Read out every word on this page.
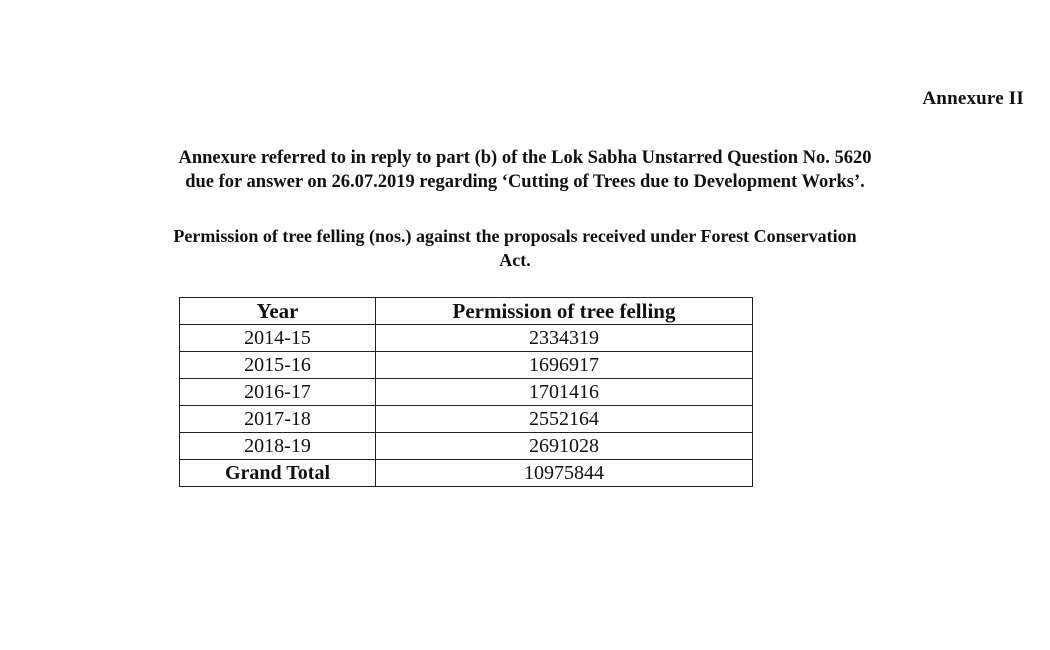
Annexure II
Annexure referred to in reply to part (b) of the Lok Sabha Unstarred Question No. 5620
due for answer on 26.07.2019 regarding ‘Cutting of Trees due to Development Works’.
Permission of tree felling (nos.) against the proposals received under Forest Conservation
Act.
Year	Permission of tree felling
2014-15	2334319
2015-16	1696917
2016-17	1701416
2017-18	2552164
2018-19	2691028
Grand Total	10975844
